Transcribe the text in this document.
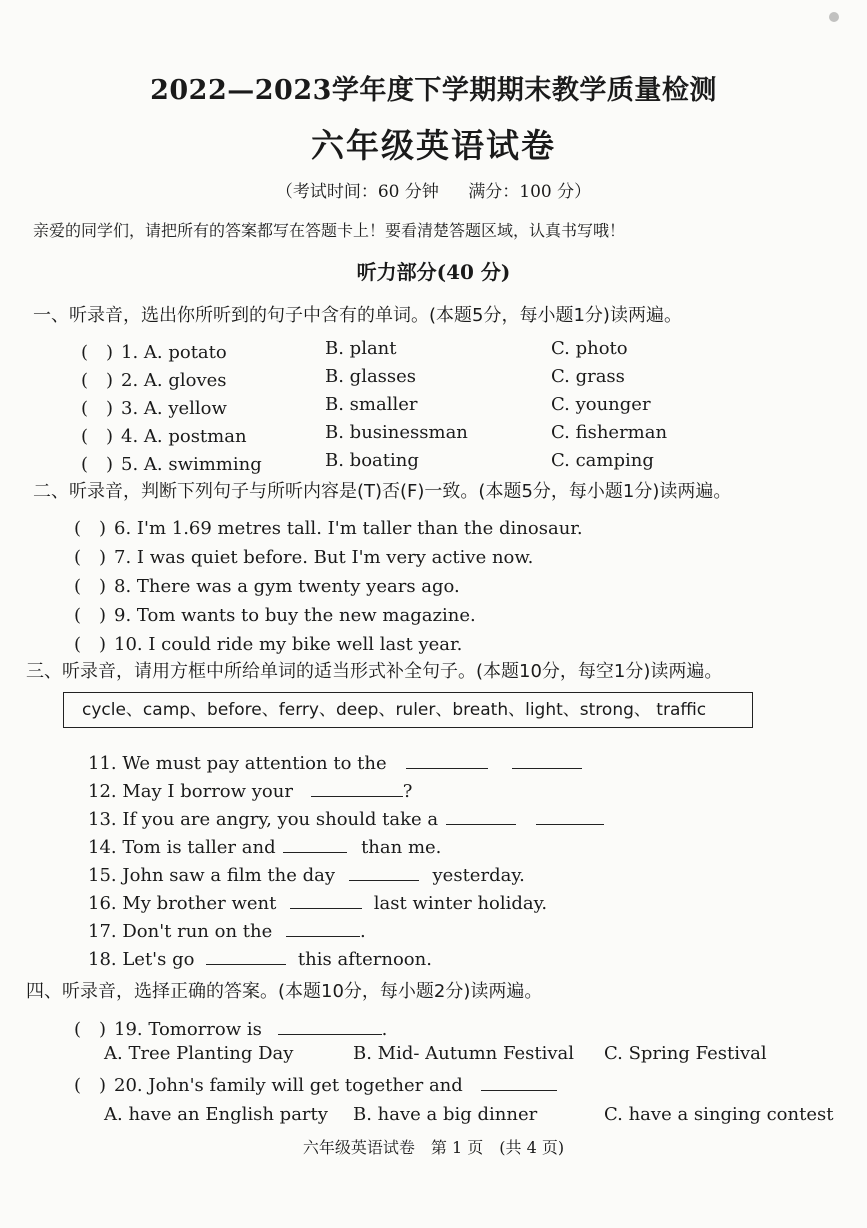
2022—2023学年度下学期期末教学质量检测
六年级英语试卷
（考试时间：60 分钟 满分：100 分）
亲爱的同学们，请把所有的答案都写在答题卡上！要看清楚答题区域，认真书写哦！
听力部分(40 分)
一、听录音，选出你所听到的句子中含有的单词。(本题5分，每小题1分)读两遍。
(　) 1. A. potato	B. plant	C. photo
(　) 2. A. gloves	B. glasses	C. grass
(　) 3. A. yellow	B. smaller	C. younger
(　) 4. A. postman	B. businessman	C. fisherman
(　) 5. A. swimming	B. boating	C. camping
二、听录音，判断下列句子与所听内容是(T)否(F)一致。(本题5分，每小题1分)读两遍。
(　) 6. I'm 1.69 metres tall. I'm taller than the dinosaur.
(　) 7. I was quiet before. But I'm very active now.
(　) 8. There was a gym twenty years ago.
(　) 9. Tom wants to buy the new magazine.
(　) 10. I could ride my bike well last year.
三、听录音，请用方框中所给单词的适当形式补全句子。(本题10分，每空1分)读两遍。
cycle、camp、before、ferry、deep、ruler、breath、light、strong、 traffic
11. We must pay attention to the
12. May I borrow your	?
13. If you are angry, you should take a
14. Tom is taller and	than me.
15. John saw a film the day	yesterday.
16. My brother went	last winter holiday.
17. Don't run on the	.
18. Let's go	this afternoon.
四、听录音，选择正确的答案。(本题10分，每小题2分)读两遍。
(　) 19. Tomorrow is	.
A. Tree Planting Day	B. Mid- Autumn Festival C. Spring Festival
(　) 20. John's family will get together and
A. have an English party B. have a big dinner	C. have a singing contest
六年级英语试卷　第 1 页　(共 4 页)
